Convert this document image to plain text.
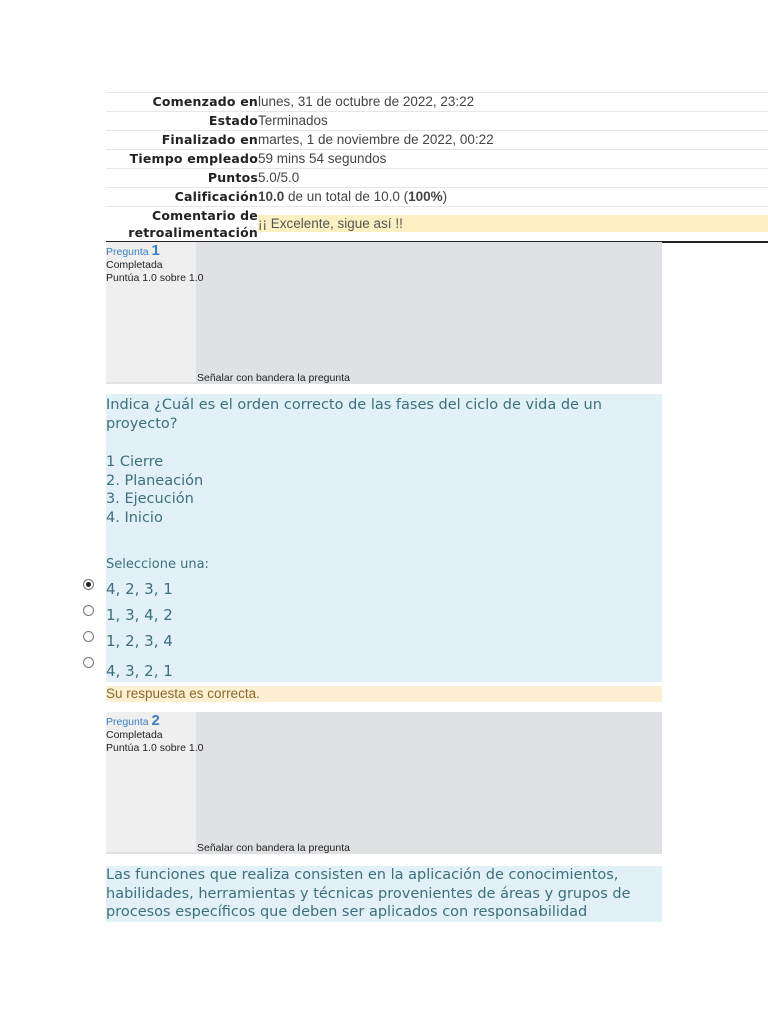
Comenzado en lunes, 31 de octubre de 2022, 23:22
Estado Terminados
Finalizado en martes, 1 de noviembre de 2022, 00:22
Tiempo empleado 59 mins 54 segundos
Puntos 5.0/5.0
Calificación 10.0 de un total de 10.0 (100%)
Comentario de
retroalimentación
¡¡ Excelente, sigue así !!
Pregunta 1
Completada
Puntúa 1.0 sobre 1.0
Señalar con bandera la pregunta

Indica ¿Cuál es el orden correcto de las fases del ciclo de vida de un proyecto?

1 Cierre

2. Planeación

3. Ejecución

4. Inicio

Seleccione una:
4, 2, 3, 1
1, 3, 4, 2
1, 2, 3, 4
4, 3, 2, 1
Su respuesta es correcta.
Pregunta 2
Completada
Puntúa 1.0 sobre 1.0
Señalar con bandera la pregunta

Las funciones que realiza consisten en la aplicación de conocimientos, habilidades, herramientas y técnicas provenientes de áreas y grupos de procesos específicos que deben ser aplicados con responsabilidad
